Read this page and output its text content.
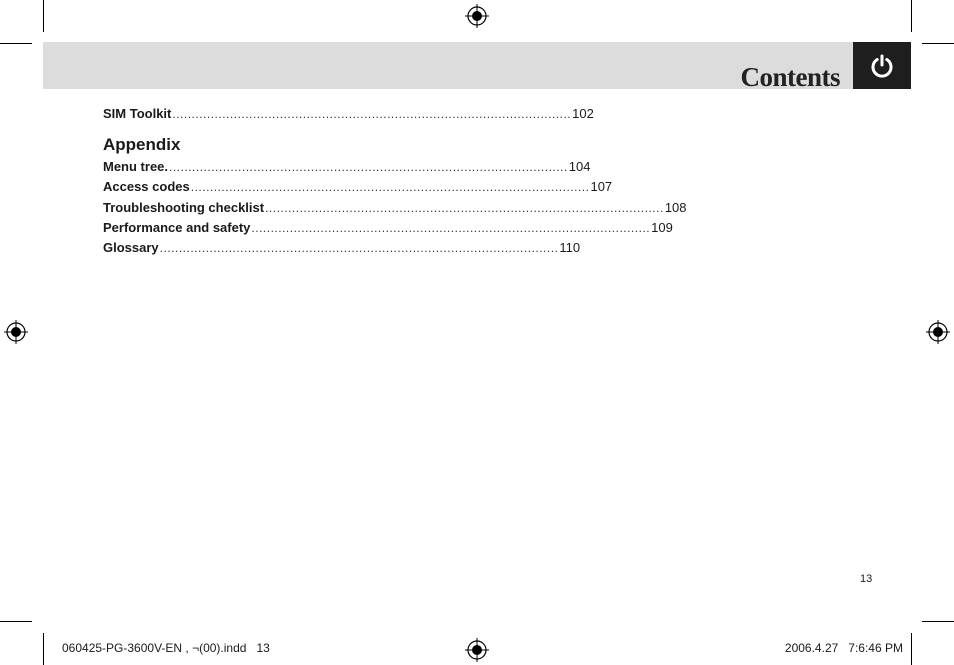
Contents
SIM Toolkit ........................................................................................................ 102
Appendix
Menu tree. ........................................................................................................ 104
Access codes ........................................................................................................ 107
Troubleshooting checklist ........................................................................................................ 108
Performance and safety ........................................................................................................ 109
Glossary ........................................................................................................ 110
13
060425-PG-3600V-EN , ¬(00).indd   13	2006.4.27   7:6:46 PM
